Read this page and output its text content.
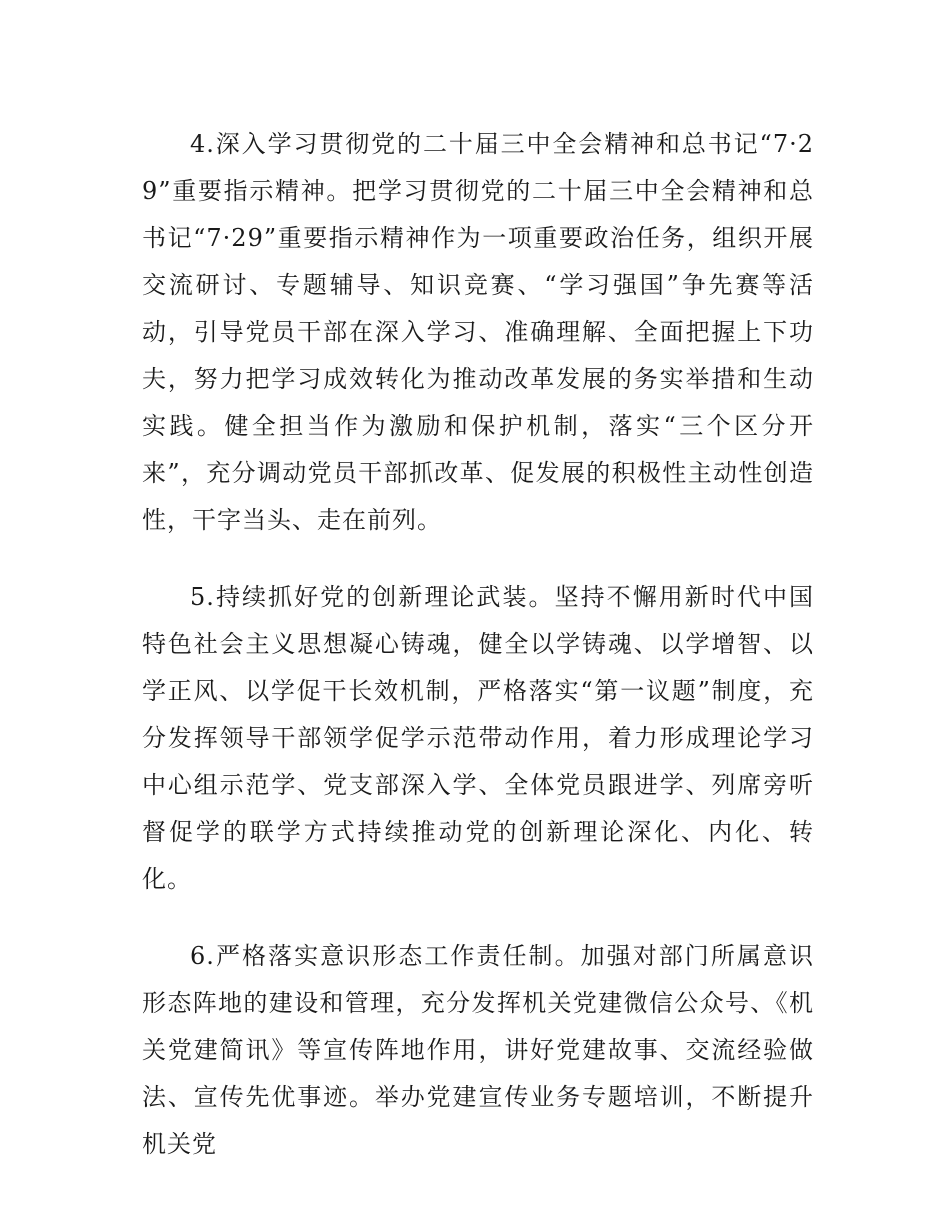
4.深入学习贯彻党的二十届三中全会精神和总书记“7·29”重要指示精神。把学习贯彻党的二十届三中全会精神和总书记“7·29”重要指示精神作为一项重要政治任务，组织开展交流研讨、专题辅导、知识竞赛、“学习强国”争先赛等活动，引导党员干部在深入学习、准确理解、全面把握上下功夫，努力把学习成效转化为推动改革发展的务实举措和生动实践。健全担当作为激励和保护机制，落实“三个区分开来”，充分调动党员干部抓改革、促发展的积极性主动性创造性，干字当头、走在前列。

5.持续抓好党的创新理论武装。坚持不懈用新时代中国特色社会主义思想凝心铸魂，健全以学铸魂、以学增智、以学正风、以学促干长效机制，严格落实“第一议题”制度，充分发挥领导干部领学促学示范带动作用，着力形成理论学习中心组示范学、党支部深入学、全体党员跟进学、列席旁听督促学的联学方式持续推动党的创新理论深化、内化、转化。

6.严格落实意识形态工作责任制。加强对部门所属意识形态阵地的建设和管理，充分发挥机关党建微信公众号、《机关党建简讯》等宣传阵地作用，讲好党建故事、交流经验做法、宣传先优事迹。举办党建宣传业务专题培训，不断提升机关党
